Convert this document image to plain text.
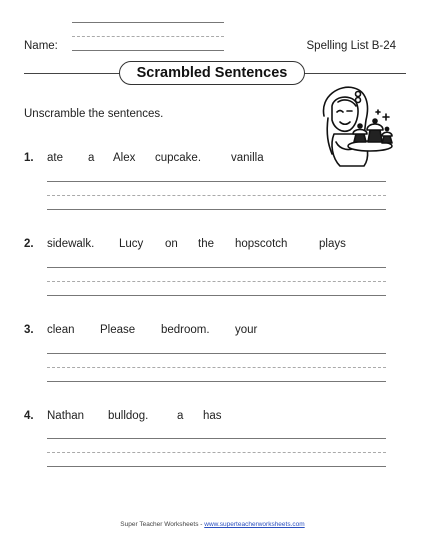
Name:	Spelling List B-24
Scrambled Sentences
Unscramble the sentences.
1. ate a Alex cupcake.	vanilla
2. sidewalk. Lucy on the hopscotch	plays
3. clean Please bedroom. your
4. Nathan bulldog. a has
Super Teacher Worksheets - www.superteacherworksheets.com
